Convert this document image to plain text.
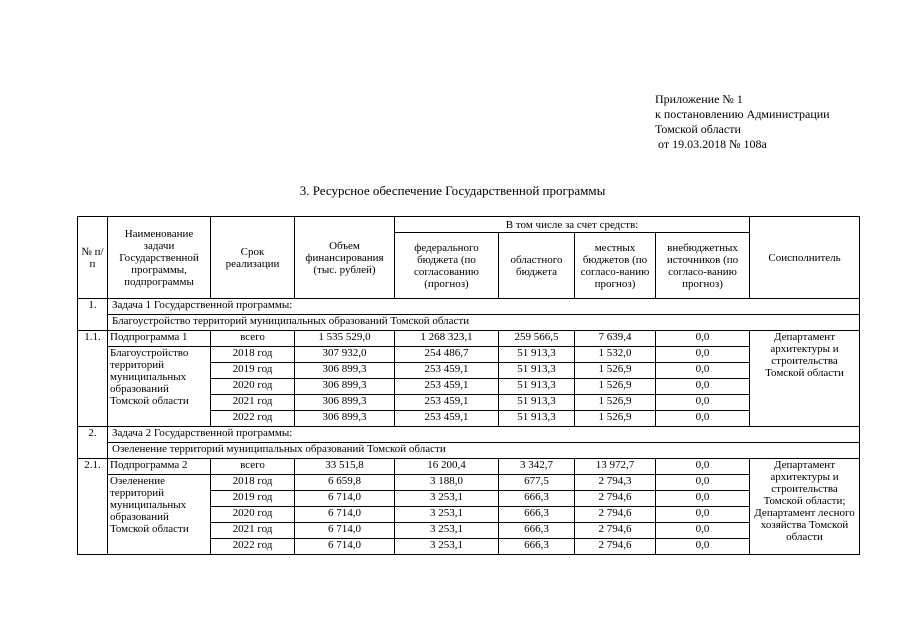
Приложение № 1
к постановлению Администрации
Томской области
от 19.03.2018 № 108а
3. Ресурсное обеспечение Государственной программы
№ п/п	Наименование задачи Государственной программы, подпрограммы	Срок реализации	Объем финансирования (тыс. рублей)	В том числе за счет средств:				Соисполнитель
				федерального бюджета (по согласованию (прогноз)	областного бюджета	местных бюджетов (по согласо-ванию прогноз)	внебюджетных источников (по согласо-ванию прогноз)	
1.	Задача 1 Государственной программы:							
	Благоустройство территорий муниципальных образований Томской области							
1.1.	Подпрограмма 1	всего	1 535 529,0	1 268 323,1	259 566,5	7 639,4	0,0	Департамент архитектуры и строительства Томской области
	Благоустройство территорий муниципальных образований Томской области	2018 год	307 932,0	254 486,7	51 913,3	1 532,0	0,0	
		2019 год	306 899,3	253 459,1	51 913,3	1 526,9	0,0	
		2020 год	306 899,3	253 459,1	51 913,3	1 526,9	0,0	
		2021 год	306 899,3	253 459,1	51 913,3	1 526,9	0,0	
		2022 год	306 899,3	253 459,1	51 913,3	1 526,9	0,0	
2.	Задача 2 Государственной программы:							
	Озеленение территорий муниципальных образований Томской области							
2.1.	Подпрограмма 2	всего	33 515,8	16 200,4	3 342,7	13 972,7	0,0	Департамент архитектуры и строительства Томской области; Департамент лесного хозяйства Томской области
	Озеленение территорий муниципальных образований Томской области	2018 год	6 659,8	3 188,0	677,5	2 794,3	0,0	
		2019 год	6 714,0	3 253,1	666,3	2 794,6	0,0	
		2020 год	6 714,0	3 253,1	666,3	2 794,6	0,0	
		2021 год	6 714,0	3 253,1	666,3	2 794,6	0,0	
		2022 год	6 714,0	3 253,1	666,3	2 794,6	0,0	
